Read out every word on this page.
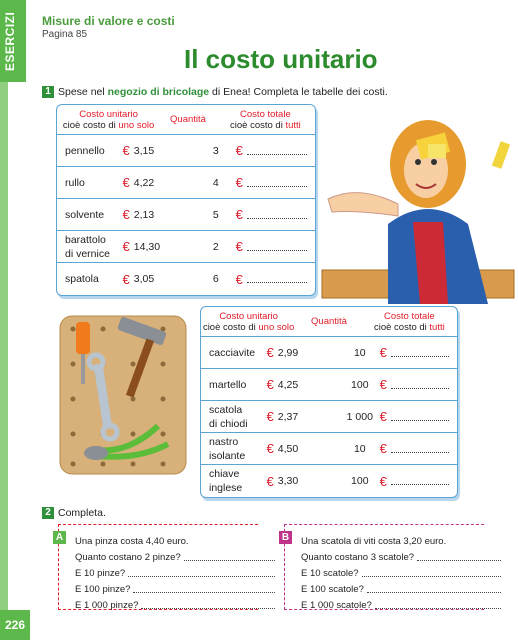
ESERCIZI
226
Misure di valore e costi
Pagina 85
Il costo unitario
1 Spese nel negozio di bricolage di Enea! Completa le tabelle dei costi.
Costo unitario
cioè costo di uno solo	Quantità	Costo totale
cioè costo di tutti
pennello	€ 3,15	3	€
rullo	€ 4,22	4	€
solvente	€ 2,13	5	€
barattolo
di vernice € 14,30	2	€
spatola	€ 3,05	6	€
Costo unitario
cioè costo di uno solo	Quantità	Costo totale
cioè costo di tutti
cacciavite € 2,99	10	€
martello	€ 4,25	100 €
scatola
di chiodi	€ 2,37	1 000 €
nastro
isolante	€ 4,50	10	€
chiave
inglese	€ 3,30	100 €
2 Completa.
A	Una pinza costa 4,40 euro.
Quanto costano 2 pinze?
E 10 pinze?
E 100 pinze?
E 1 000 pinze?
B	Una scatola di viti costa 3,20 euro.
Quanto costano 3 scatole?
E 10 scatole?
E 100 scatole?
E 1 000 scatole?
